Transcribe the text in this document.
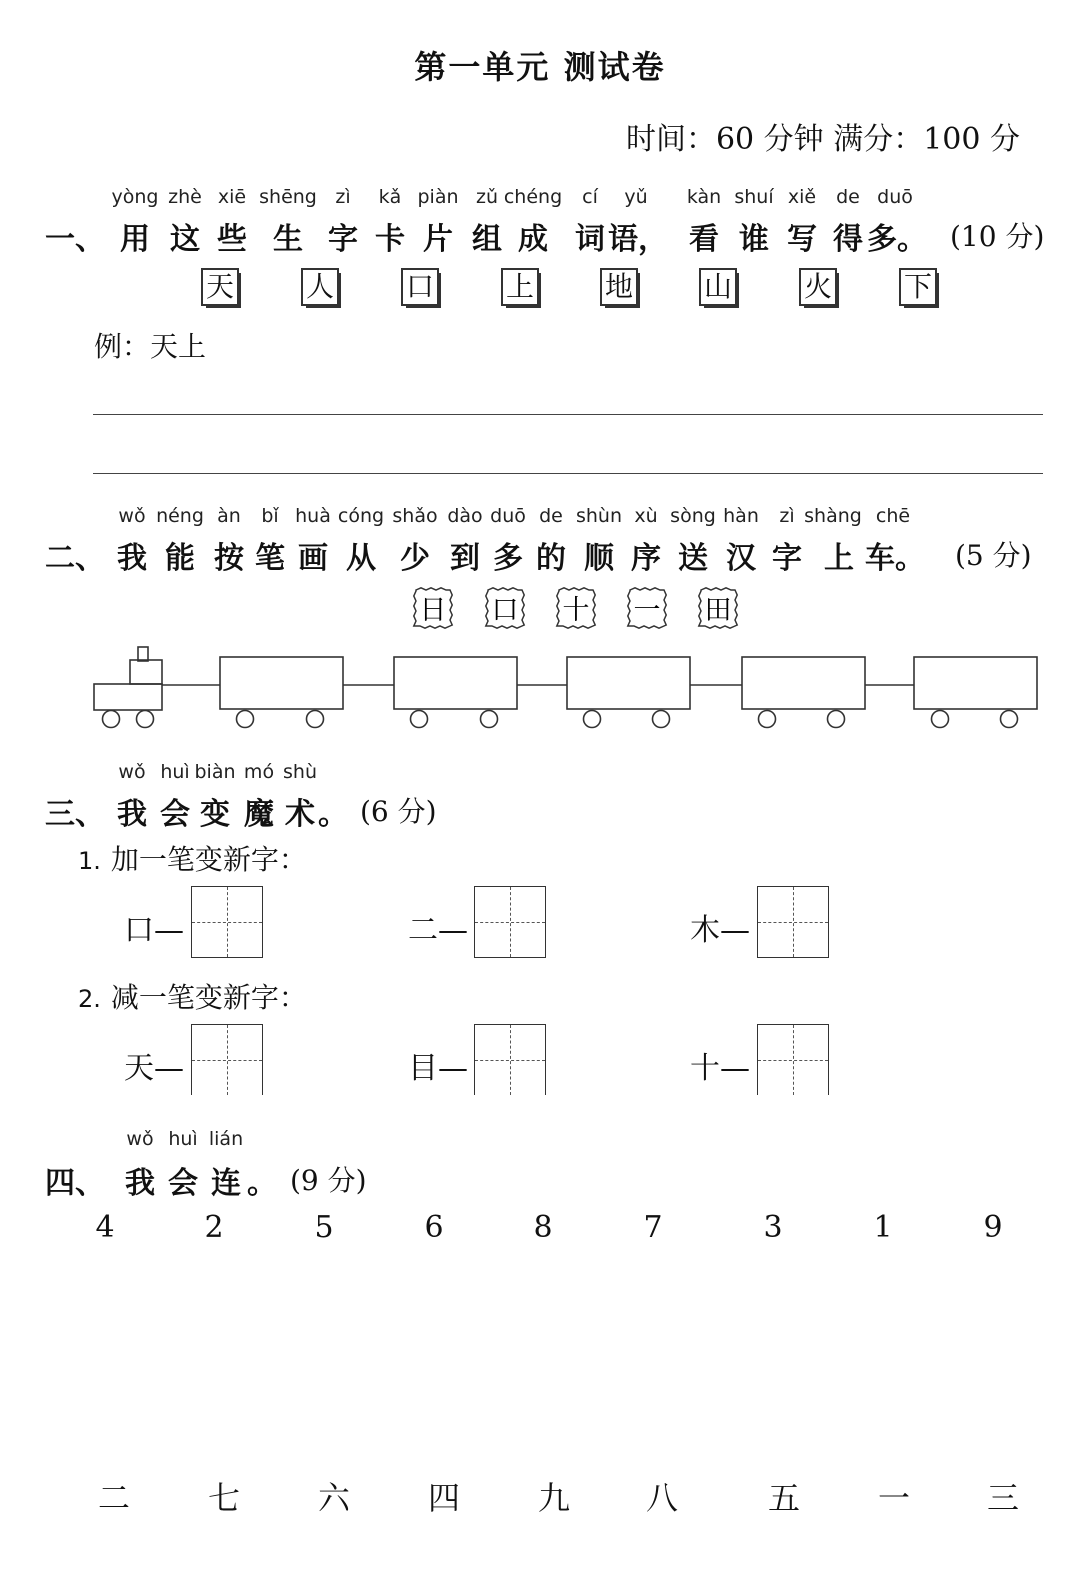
第一单元 测试卷
时间：60 分钟 满分：100 分
一、
yòng zhè xiē shēng zì kǎ piàn zǔ chéng cí yǔ kàn shuí xiě de duō
用 这 些 生 字 卡 片 组 成 词 语， 看 谁 写 得 多。 (10 分)
天	人	口	上	地	山	火	下
例：天上
二、
wǒ néng àn bǐ huà cóng shǎo dào duō de shùn xù sòng hàn zì shàng chē
我 能 按 笔 画 从 少 到 多 的 顺 序 送 汉 字 上 车。 (5 分)
日 口 十 一 田
三、
wǒ huì biàn mó shù
我 会 变 魔 术 。 (6 分)
1. 加一笔变新字：
2. 减一笔变新字：
口—	二—	木—
天—	目—	十—
四、
wǒ huì lián
我 会 连 。 (9 分)
4	2	5	6	8	7	3	1	9
二 七 六 四 九 八	五 一 三
